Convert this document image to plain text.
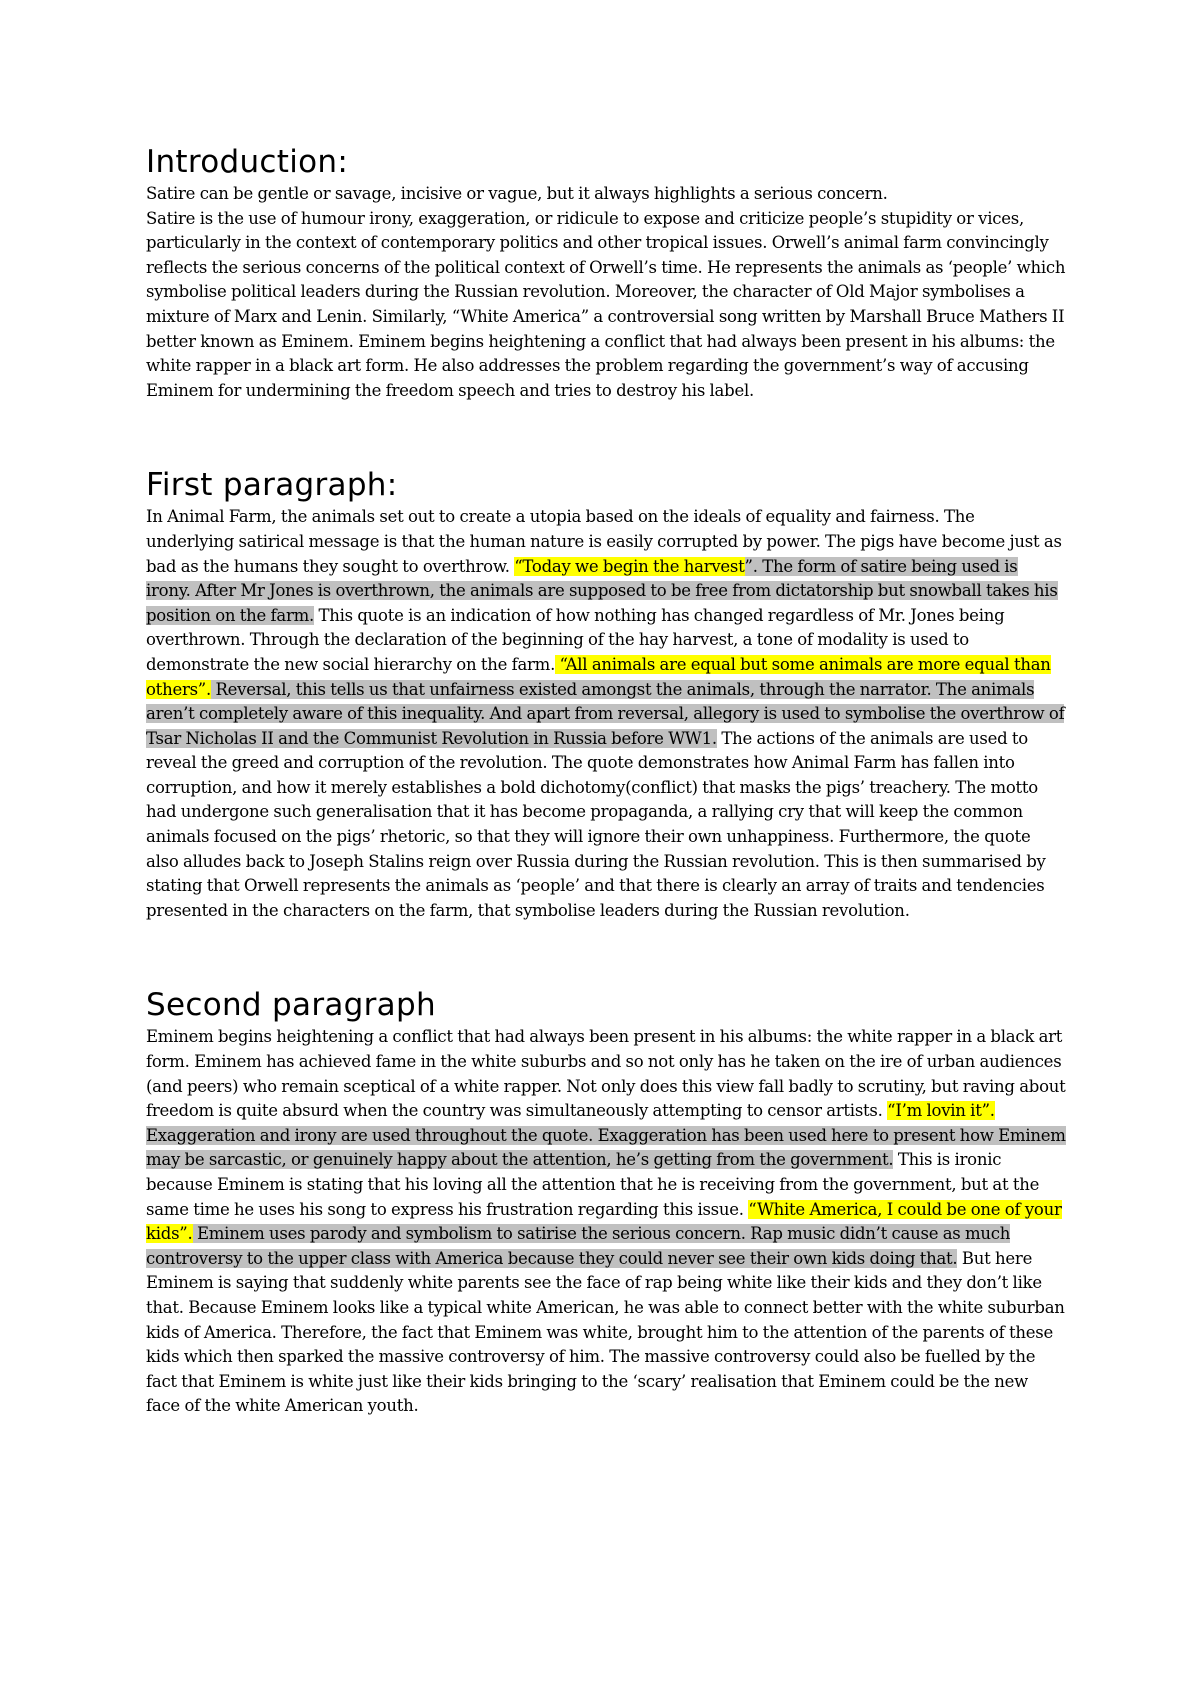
Introduction:

Satire can be gentle or savage, incisive or vague, but it always highlights a serious concern.

Satire is the use of humour irony, exaggeration, or ridicule to expose and criticize people’s stupidity or vices, particularly in the context of contemporary politics and other tropical issues. Orwell’s animal farm convincingly reflects the serious concerns of the political context of Orwell’s time. He represents the animals as ‘people’ which symbolise political leaders during the Russian revolution. Moreover, the character of Old Major symbolises a mixture of Marx and Lenin. Similarly, “White America” a controversial song written by Marshall Bruce Mathers II better known as Eminem. Eminem begins heightening a conflict that had always been present in his albums: the white rapper in a black art form. He also addresses the problem regarding the government’s way of accusing Eminem for undermining the freedom speech and tries to destroy his label.

First paragraph:

In Animal Farm, the animals set out to create a utopia based on the ideals of equality and fairness. The underlying satirical message is that the human nature is easily corrupted by power. The pigs have become just as bad as the humans they sought to overthrow. “Today we begin the harvest”. The form of satire being used is irony. After Mr Jones is overthrown, the animals are supposed to be free from dictatorship but snowball takes his position on the farm. This quote is an indication of how nothing has changed regardless of Mr. Jones being overthrown. Through the declaration of the beginning of the hay harvest, a tone of modality is used to demonstrate the new social hierarchy on the farm. “All animals are equal but some animals are more equal than others”. Reversal, this tells us that unfairness existed amongst the animals, through the narrator. The animals aren’t completely aware of this inequality. And apart from reversal, allegory is used to symbolise the overthrow of Tsar Nicholas II and the Communist Revolution in Russia before WW1. The actions of the animals are used to reveal the greed and corruption of the revolution. The quote demonstrates how Animal Farm has fallen into corruption, and how it merely establishes a bold dichotomy(conflict) that masks the pigs’ treachery. The motto had undergone such generalisation that it has become propaganda, a rallying cry that will keep the common animals focused on the pigs’ rhetoric, so that they will ignore their own unhappiness. Furthermore, the quote also alludes back to Joseph Stalins reign over Russia during the Russian revolution. This is then summarised by stating that Orwell represents the animals as ‘people’ and that there is clearly an array of traits and tendencies presented in the characters on the farm, that symbolise leaders during the Russian revolution.

Second paragraph

Eminem begins heightening a conflict that had always been present in his albums: the white rapper in a black art form. Eminem has achieved fame in the white suburbs and so not only has he taken on the ire of urban audiences (and peers) who remain sceptical of a white rapper. Not only does this view fall badly to scrutiny, but raving about freedom is quite absurd when the country was simultaneously attempting to censor artists. “I’m lovin it”. Exaggeration and irony are used throughout the quote. Exaggeration has been used here to present how Eminem may be sarcastic, or genuinely happy about the attention, he’s getting from the government. This is ironic because Eminem is stating that his loving all the attention that he is receiving from the government, but at the same time he uses his song to express his frustration regarding this issue. “White America, I could be one of your kids”. Eminem uses parody and symbolism to satirise the serious concern. Rap music didn’t cause as much controversy to the upper class with America because they could never see their own kids doing that. But here Eminem is saying that suddenly white parents see the face of rap being white like their kids and they don’t like that. Because Eminem looks like a typical white American, he was able to connect better with the white suburban kids of America. Therefore, the fact that Eminem was white, brought him to the attention of the parents of these kids which then sparked the massive controversy of him. The massive controversy could also be fuelled by the fact that Eminem is white just like their kids bringing to the ‘scary’ realisation that Eminem could be the new face of the white American youth.
